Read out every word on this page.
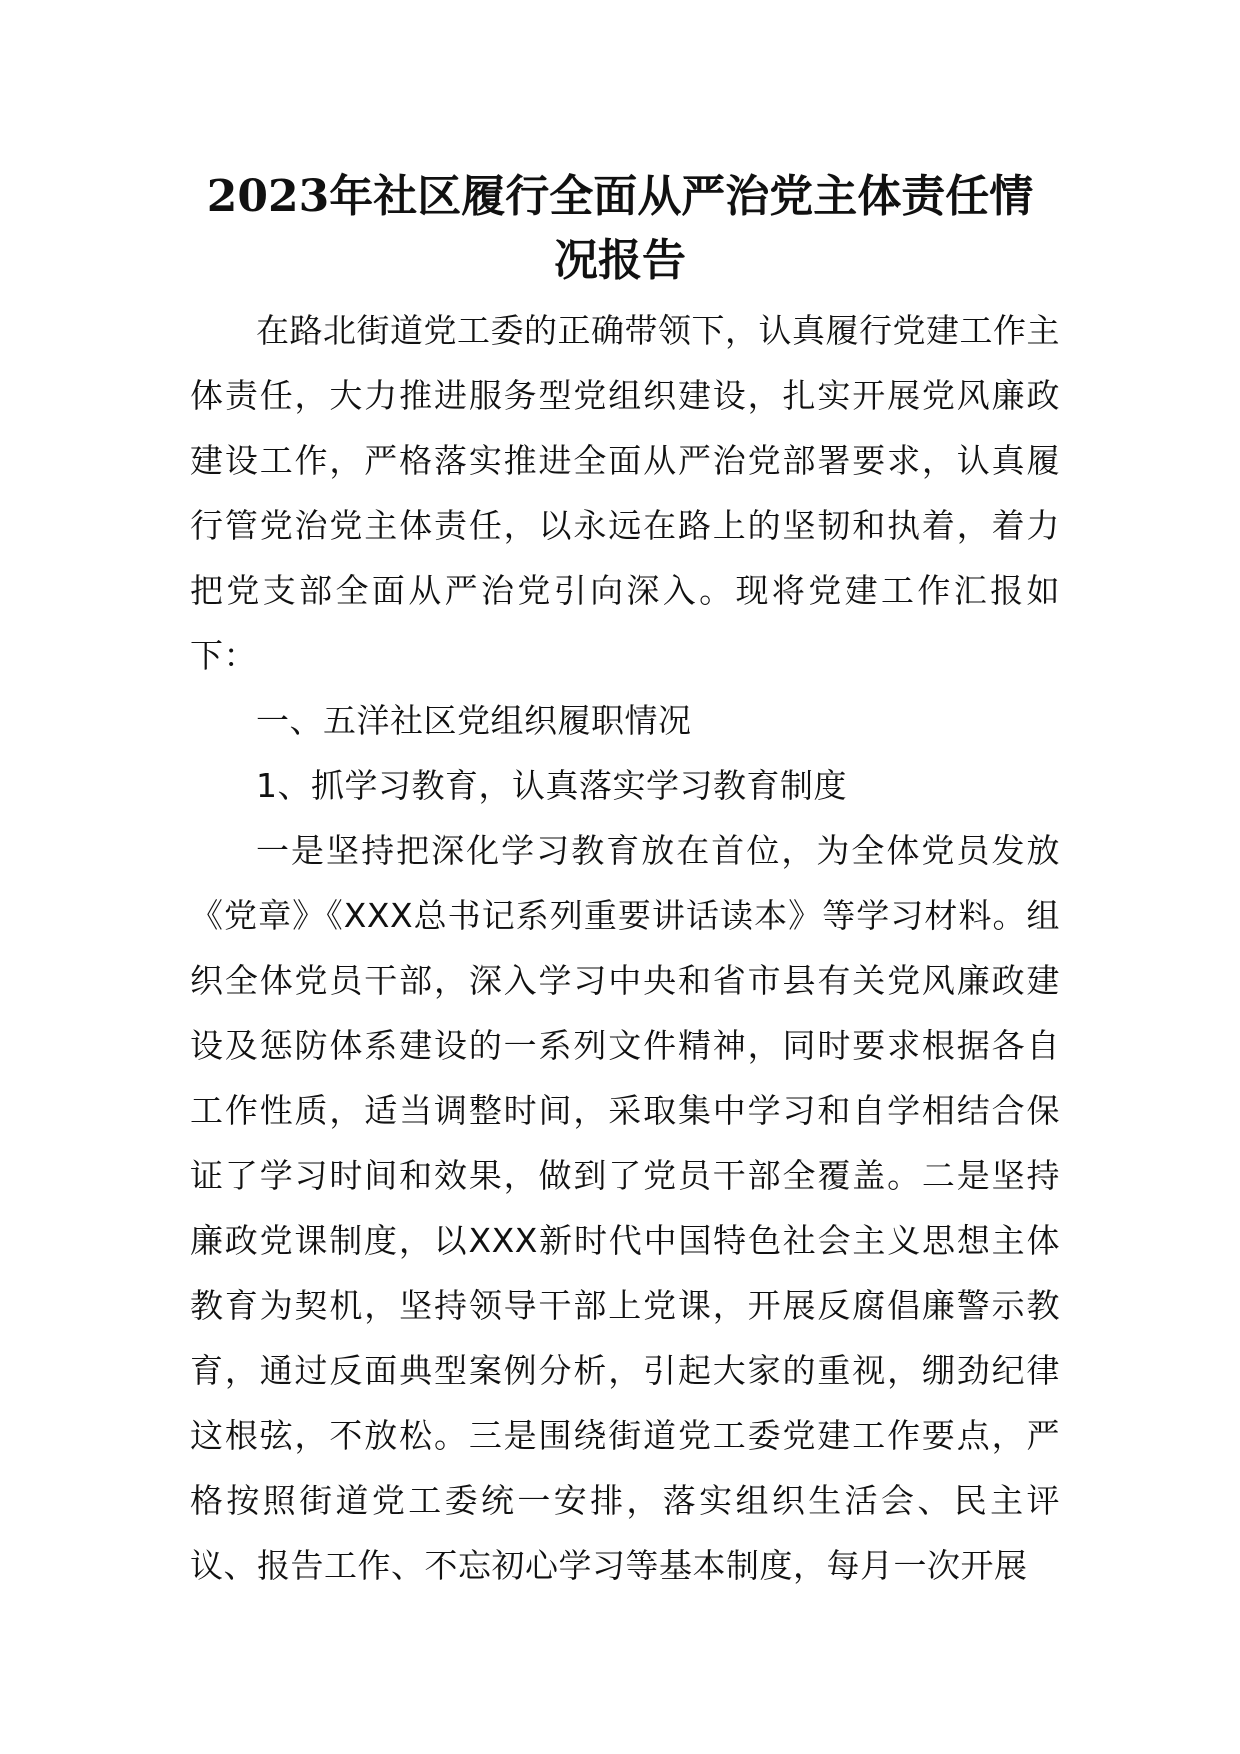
2023年社区履行全面从严治党主体责任情况报告

在路北街道党工委的正确带领下，认真履行党建工作主体责任，大力推进服务型党组织建设，扎实开展党风廉政建设工作，严格落实推进全面从严治党部署要求，认真履行管党治党主体责任，以永远在路上的坚韧和执着，着力把党支部全面从严治党引向深入。现将党建工作汇报如下：

一、五洋社区党组织履职情况

1、抓学习教育，认真落实学习教育制度

一是坚持把深化学习教育放在首位，为全体党员发放《党章》《XXX总书记系列重要讲话读本》等学习材料。组织全体党员干部，深入学习中央和省市县有关党风廉政建设及惩防体系建设的一系列文件精神，同时要求根据各自工作性质，适当调整时间，采取集中学习和自学相结合保证了学习时间和效果，做到了党员干部全覆盖。二是坚持廉政党课制度，以XXX新时代中国特色社会主义思想主体教育为契机，坚持领导干部上党课，开展反腐倡廉警示教育，通过反面典型案例分析，引起大家的重视，绷劲纪律这根弦，不放松。三是围绕街道党工委党建工作要点，严格按照街道党工委统一安排，落实组织生活会、民主评议、报告工作、不忘初心学习等基本制度，每月一次开展
